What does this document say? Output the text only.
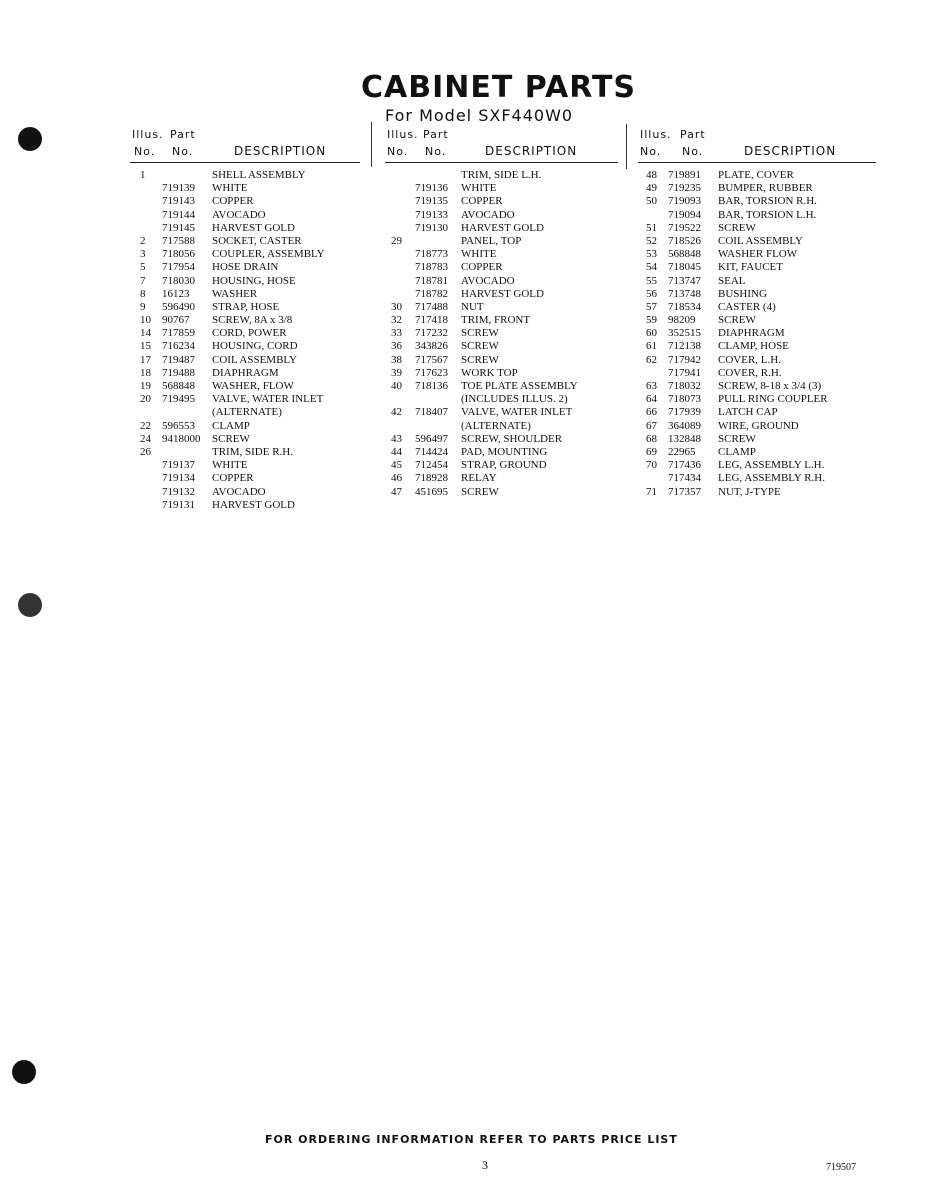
CABINET PARTS
For Model SXF440W0
Illus.
No.
Part
No.	DESCRIPTION
1	SHELL ASSEMBLY
719139 WHITE
719143 COPPER
719144 AVOCADO
719145 HARVEST GOLD
2 717588 SOCKET, CASTER
3 718056 COUPLER, ASSEMBLY
5 717954 HOSE DRAIN
7 718030 HOUSING, HOSE
8 16123 WASHER
9 596490 STRAP, HOSE
10 90767 SCREW, 8A x 3/8
14 717859 CORD, POWER
15 716234 HOUSING, CORD
17 719487 COIL ASSEMBLY
18 719488 DIAPHRAGM
19 568848 WASHER, FLOW
20 719495 VALVE, WATER INLET
(ALTERNATE)
22 596553 CLAMP
24 9418000 SCREW
26	TRIM, SIDE R.H.
719137 WHITE
719134 COPPER
719132 AVOCADO
719131 HARVEST GOLD
Illus.
No.
Part
No.	DESCRIPTION
TRIM, SIDE L.H.
719136 WHITE
719135 COPPER
719133 AVOCADO
719130 HARVEST GOLD
29	PANEL, TOP
718773 WHITE
718783 COPPER
718781 AVOCADO
718782 HARVEST GOLD
30 717488 NUT
32 717418 TRIM, FRONT
33 717232 SCREW
36 343826 SCREW
38 717567 SCREW
39 717623 WORK TOP
40 718136 TOE PLATE ASSEMBLY
(INCLUDES ILLUS. 2)
42 718407 VALVE, WATER INLET
(ALTERNATE)
43 596497 SCREW, SHOULDER
44 714424 PAD, MOUNTING
45 712454 STRAP, GROUND
46 718928 RELAY
47 451695 SCREW
Illus.
No.
Part
No.	DESCRIPTION
48 719891 PLATE, COVER
49 719235 BUMPER, RUBBER
50 719093 BAR, TORSION R.H.
719094 BAR, TORSION L.H.
51 719522 SCREW
52 718526 COIL ASSEMBLY
53 568848 WASHER FLOW
54 718045 KIT, FAUCET
55 713747 SEAL
56 713748 BUSHING
57 718534 CASTER (4)
59 98209 SCREW
60 352515 DIAPHRAGM
61 712138 CLAMP, HOSE
62 717942 COVER, L.H.
717941 COVER, R.H.
63 718032 SCREW, 8-18 x 3/4 (3)
64 718073 PULL RING COUPLER
66 717939 LATCH CAP
67 364089 WIRE, GROUND
68 132848 SCREW
69 22965 CLAMP
70 717436 LEG, ASSEMBLY L.H.
717434 LEG, ASSEMBLY R.H.
71 717357 NUT, J-TYPE
FOR ORDERING INFORMATION REFER TO PARTS PRICE LIST
3	719507
